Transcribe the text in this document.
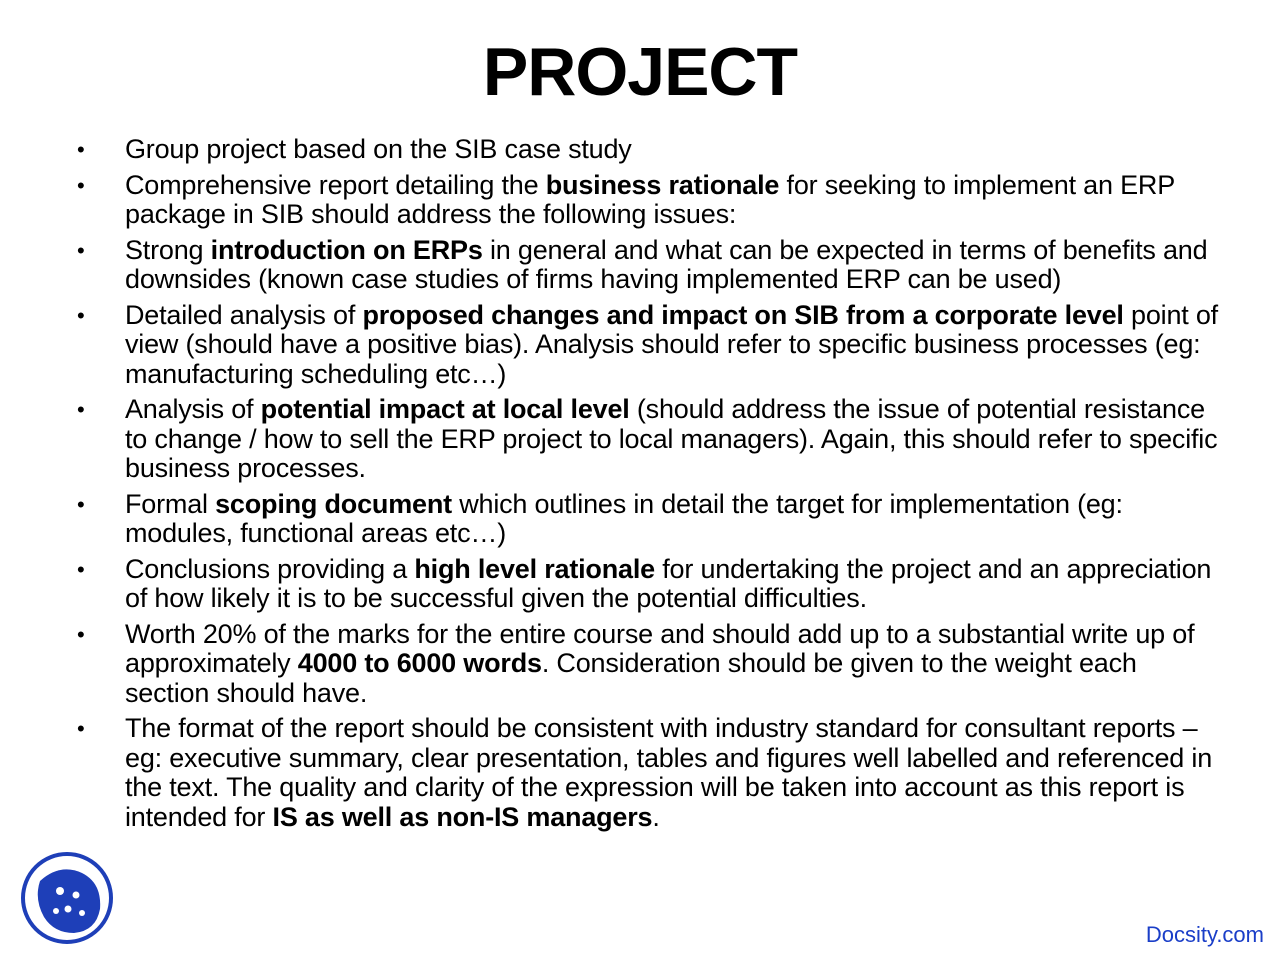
PROJECT
• Group project based on the SIB case study
• Comprehensive report detailing the business rationale for seeking to implement an ERP package in SIB should address the following issues:
• Strong introduction on ERPs in general and what can be expected in terms of benefits and downsides (known case studies of firms having implemented ERP can be used)
• Detailed analysis of proposed changes and impact on SIB from a corporate level point of view (should have a positive bias). Analysis should refer to specific business processes (eg: manufacturing scheduling etc…)
• Analysis of potential impact at local level (should address the issue of potential resistance to change / how to sell the ERP project to local managers). Again, this should refer to specific business processes.
• Formal scoping document which outlines in detail the target for implementation (eg: modules, functional areas etc…)
• Conclusions providing a high level rationale for undertaking the project and an appreciation of how likely it is to be successful given the potential difficulties.
• Worth 20% of the marks for the entire course and should add up to a substantial write up of approximately 4000 to 6000 words. Consideration should be given to the weight each section should have.
• The format of the report should be consistent with industry standard for consultant reports – eg: executive summary, clear presentation, tables and figures well labelled and referenced in the text. The quality and clarity of the expression will be taken into account as this report is intended for IS as well as non-IS managers.
Docsity.com
